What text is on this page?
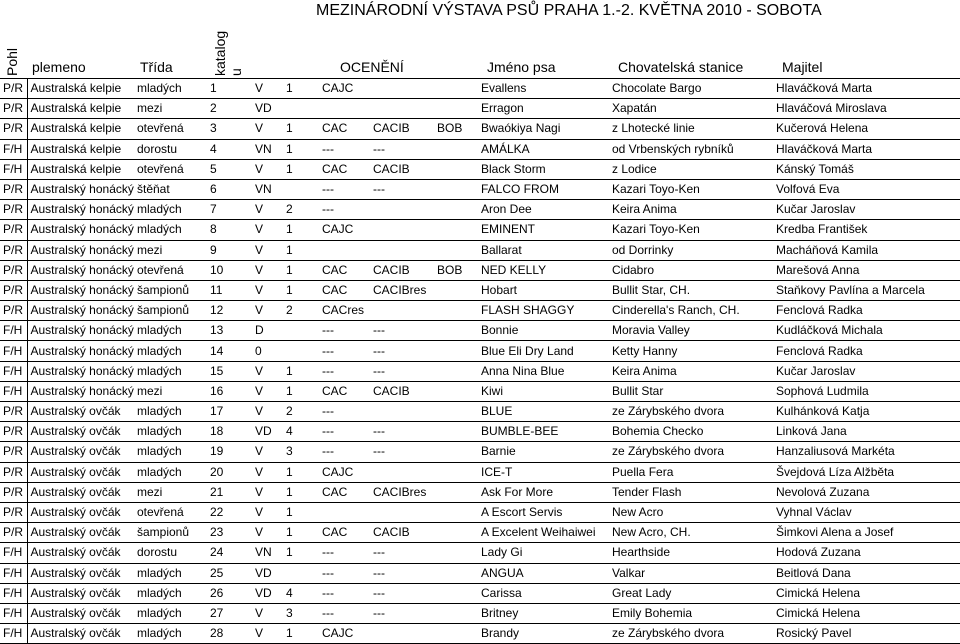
MEZINÁRODNÍ VÝSTAVA PSŮ PRAHA 1.-2. KVĚTNA 2010 - SOBOTA
Pohl plemeno	Třída	katalog u	OCENĚNÍ	Jméno psa	Chovatelská stanice	Majitel
P/R	Australská kelpie	mladých	1	V	1	CAJC			Evallens	Chocolate Bargo	Hlaváčková Marta
P/R	Australská kelpie	mezi	2	VD					Erragon	Xapatán	Hlaváčová Miroslava
P/R	Australská kelpie	otevřená	3	V	1	CAC	CACIB	BOB	Bwaókiya Nagi	z Lhotecké linie	Kučerová Helena
F/H	Australská kelpie	dorostu	4	VN	1	---	---		AMÁLKA	od Vrbenských rybníků	Hlaváčková Marta
F/H	Australská kelpie	otevřená	5	V	1	CAC	CACIB		Black Storm	z Lodice	Kánský Tomáš
P/R	Australský honácký	štěňat	6	VN		---	---		FALCO FROM	Kazari Toyo-Ken	Volfová Eva
P/R	Australský honácký	mladých	7	V	2	---			Aron Dee	Keira Anima	Kučar Jaroslav
P/R	Australský honácký	mladých	8	V	1	CAJC			EMINENT	Kazari Toyo-Ken	Kredba František
P/R	Australský honácký	mezi	9	V	1				Ballarat	od Dorrinky	Macháňová Kamila
P/R	Australský honácký	otevřená	10	V	1	CAC	CACIB	BOB	NED KELLY	Cidabro	Marešová Anna
P/R	Australský honácký	šampionů	11	V	1	CAC	CACIBres		Hobart	Bullit Star, CH.	Staňkovy Pavlína a Marcela
P/R	Australský honácký	šampionů	12	V	2	CACres			FLASH SHAGGY	Cinderella's Ranch, CH.	Fenclová Radka
F/H	Australský honácký	mladých	13	D		---	---		Bonnie	Moravia Valley	Kudláčková Michala
F/H	Australský honácký	mladých	14	0		---	---		Blue Eli Dry Land	Ketty Hanny	Fenclová Radka
F/H	Australský honácký	mladých	15	V	1	---	---		Anna Nina Blue	Keira Anima	Kučar Jaroslav
F/H	Australský honácký	mezi	16	V	1	CAC	CACIB		Kiwi	Bullit Star	Sophová Ludmila
P/R	Australský ovčák	mladých	17	V	2	---			BLUE	ze Zárybského dvora	Kulhánková Katja
P/R	Australský ovčák	mladých	18	VD	4	---	---		BUMBLE-BEE	Bohemia Checko	Linková Jana
P/R	Australský ovčák	mladých	19	V	3	---	---		Barnie	ze Zárybského dvora	Hanzaliusová Markéta
P/R	Australský ovčák	mladých	20	V	1	CAJC			ICE-T	Puella Fera	Švejdová Líza Alžběta
P/R	Australský ovčák	mezi	21	V	1	CAC	CACIBres		Ask For More	Tender Flash	Nevolová Zuzana
P/R	Australský ovčák	otevřená	22	V	1				A Escort Servis	New Acro	Vyhnal Václav
P/R	Australský ovčák	šampionů	23	V	1	CAC	CACIB		A Excelent Weihaiwei	New Acro, CH.	Šimkovi Alena a Josef
F/H	Australský ovčák	dorostu	24	VN	1	---	---		Lady Gi	Hearthside	Hodová Zuzana
F/H	Australský ovčák	mladých	25	VD		---	---		ANGUA	Valkar	Beitlová Dana
F/H	Australský ovčák	mladých	26	VD	4	---	---		Carissa	Great Lady	Cimická Helena
F/H	Australský ovčák	mladých	27	V	3	---	---		Britney	Emily Bohemia	Cimická Helena
F/H	Australský ovčák	mladých	28	V	1	CAJC			Brandy	ze Zárybského dvora	Rosický Pavel
